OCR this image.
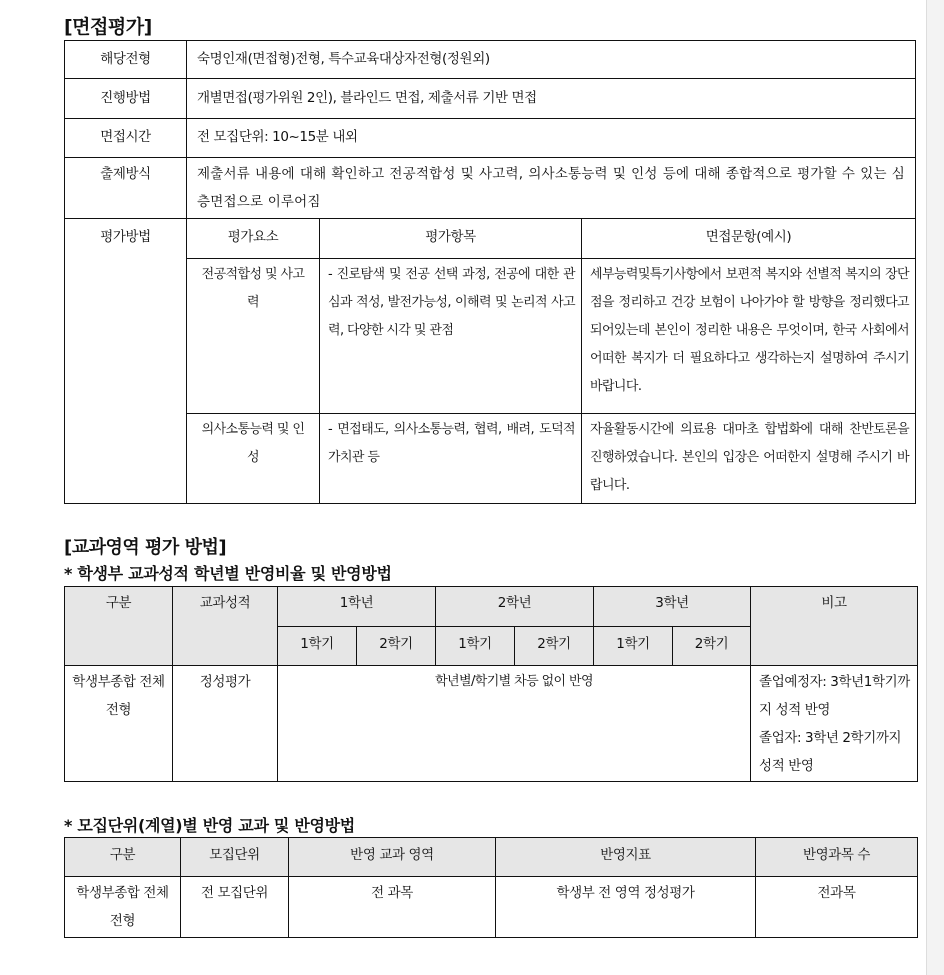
[면접평가]
해당전형	숙명인재(면접형)전형, 특수교육대상자전형(정원외)		
진행방법	개별면접(평가위원 2인), 블라인드 면접, 제출서류 기반 면접		
면접시간	전 모집단위: 10~15분 내외		
출제방식	제출서류 내용에 대해 확인하고 전공적합성 및 사고력, 의사소통능력 및 인성 등에 대해 종합적으로 평가할 수 있는 심층면접으로 이루어짐		
평가방법	평가요소	평가항목	면접문항(예시)
	전공적합성 및 사고력	- 진로탐색 및 전공 선택 과정, 전공에 대한 관심과 적성, 발전가능성, 이해력 및 논리적 사고력, 다양한 시각 및 관점	세부능력및특기사항에서 보편적 복지와 선별적 복지의 장단점을 정리하고 건강 보험이 나아가야 할 방향을 정리했다고 되어있는데 본인이 정리한 내용은 무엇이며, 한국 사회에서 어떠한 복지가 더 필요하다고 생각하는지 설명하여 주시기 바랍니다.
	의사소통능력 및 인성	- 면접태도, 의사소통능력, 협력, 배려, 도덕적 가치관 등	자율활동시간에 의료용 대마초 합법화에 대해 찬반토론을 진행하였습니다. 본인의 입장은 어떠한지 설명해 주시기 바랍니다.
[교과영역 평가 방법]
* 학생부 교과성적 학년별 반영비율 및 반영방법
구분	교과성적	1학년		2학년		3학년		비고
		1학기	2학기	1학기	2학기	1학기	2학기	
학생부종합 전체전형	정성평가	학년별/학기별 차등 없이 반영						졸업예정자: 3학년1학기까지 성적 반영
졸업자: 3학년 2학기까지 성적 반영
* 모집단위(계열)별 반영 교과 및 반영방법
구분	모집단위	반영 교과 영역	반영지표	반영과목 수
학생부종합 전체전형	전 모집단위	전 과목	학생부 전 영역 정성평가	전과목
